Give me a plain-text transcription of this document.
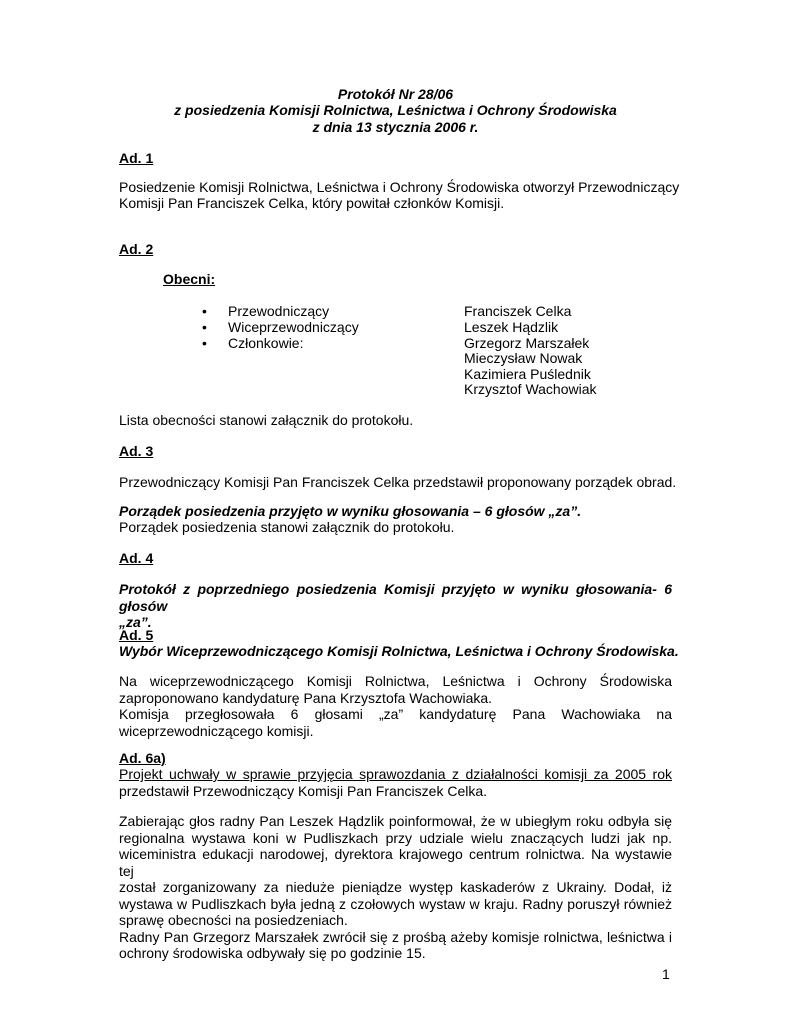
Protokół Nr 28/06
z posiedzenia Komisji Rolnictwa, Leśnictwa i Ochrony Środowiska
z dnia 13 stycznia 2006 r.
Ad. 1
Posiedzenie Komisji Rolnictwa, Leśnictwa i Ochrony Środowiska otworzył Przewodniczący
Komisji Pan Franciszek Celka, który powitał członków Komisji.
Ad. 2
Obecni:
• Przewodniczący
• Wiceprzewodniczący
• Członkowie:
Franciszek Celka
Leszek Hądzlik
Grzegorz Marszałek
Mieczysław Nowak
Kazimiera Puślednik
Krzysztof Wachowiak
Lista obecności stanowi załącznik do protokołu.
Ad. 3
Przewodniczący Komisji Pan Franciszek Celka przedstawił proponowany porządek obrad.
Porządek posiedzenia przyjęto w wyniku głosowania – 6 głosów „za”.
Porządek posiedzenia stanowi załącznik do protokołu.
Ad. 4
Protokół z poprzedniego posiedzenia Komisji przyjęto w wyniku głosowania- 6 głosów
„za”.
Ad. 5
Wybór Wiceprzewodniczącego Komisji Rolnictwa, Leśnictwa i Ochrony Środowiska.
Na wiceprzewodniczącego Komisji Rolnictwa, Leśnictwa i Ochrony Środowiska
zaproponowano kandydaturę Pana Krzysztofa Wachowiaka.
Komisja przegłosowała 6 głosami „za” kandydaturę Pana Wachowiaka na
wiceprzewodniczącego komisji.
Ad. 6a)
Projekt uchwały w sprawie przyjęcia sprawozdania z działalności komisji za 2005 rok
przedstawił Przewodniczący Komisji Pan Franciszek Celka.
Zabierając głos radny Pan Leszek Hądzlik poinformował, że w ubiegłym roku odbyła się
regionalna wystawa koni w Pudliszkach przy udziale wielu znaczących ludzi jak np.
wiceministra edukacji narodowej, dyrektora krajowego centrum rolnictwa. Na wystawie tej
został zorganizowany za nieduże pieniądze występ kaskaderów z Ukrainy. Dodał, iż
wystawa w Pudliszkach była jedną z czołowych wystaw w kraju. Radny poruszył również
sprawę obecności na posiedzeniach.
Radny Pan Grzegorz Marszałek zwrócił się z prośbą ażeby komisje rolnictwa, leśnictwa i
ochrony środowiska odbywały się po godzinie 15.
1
